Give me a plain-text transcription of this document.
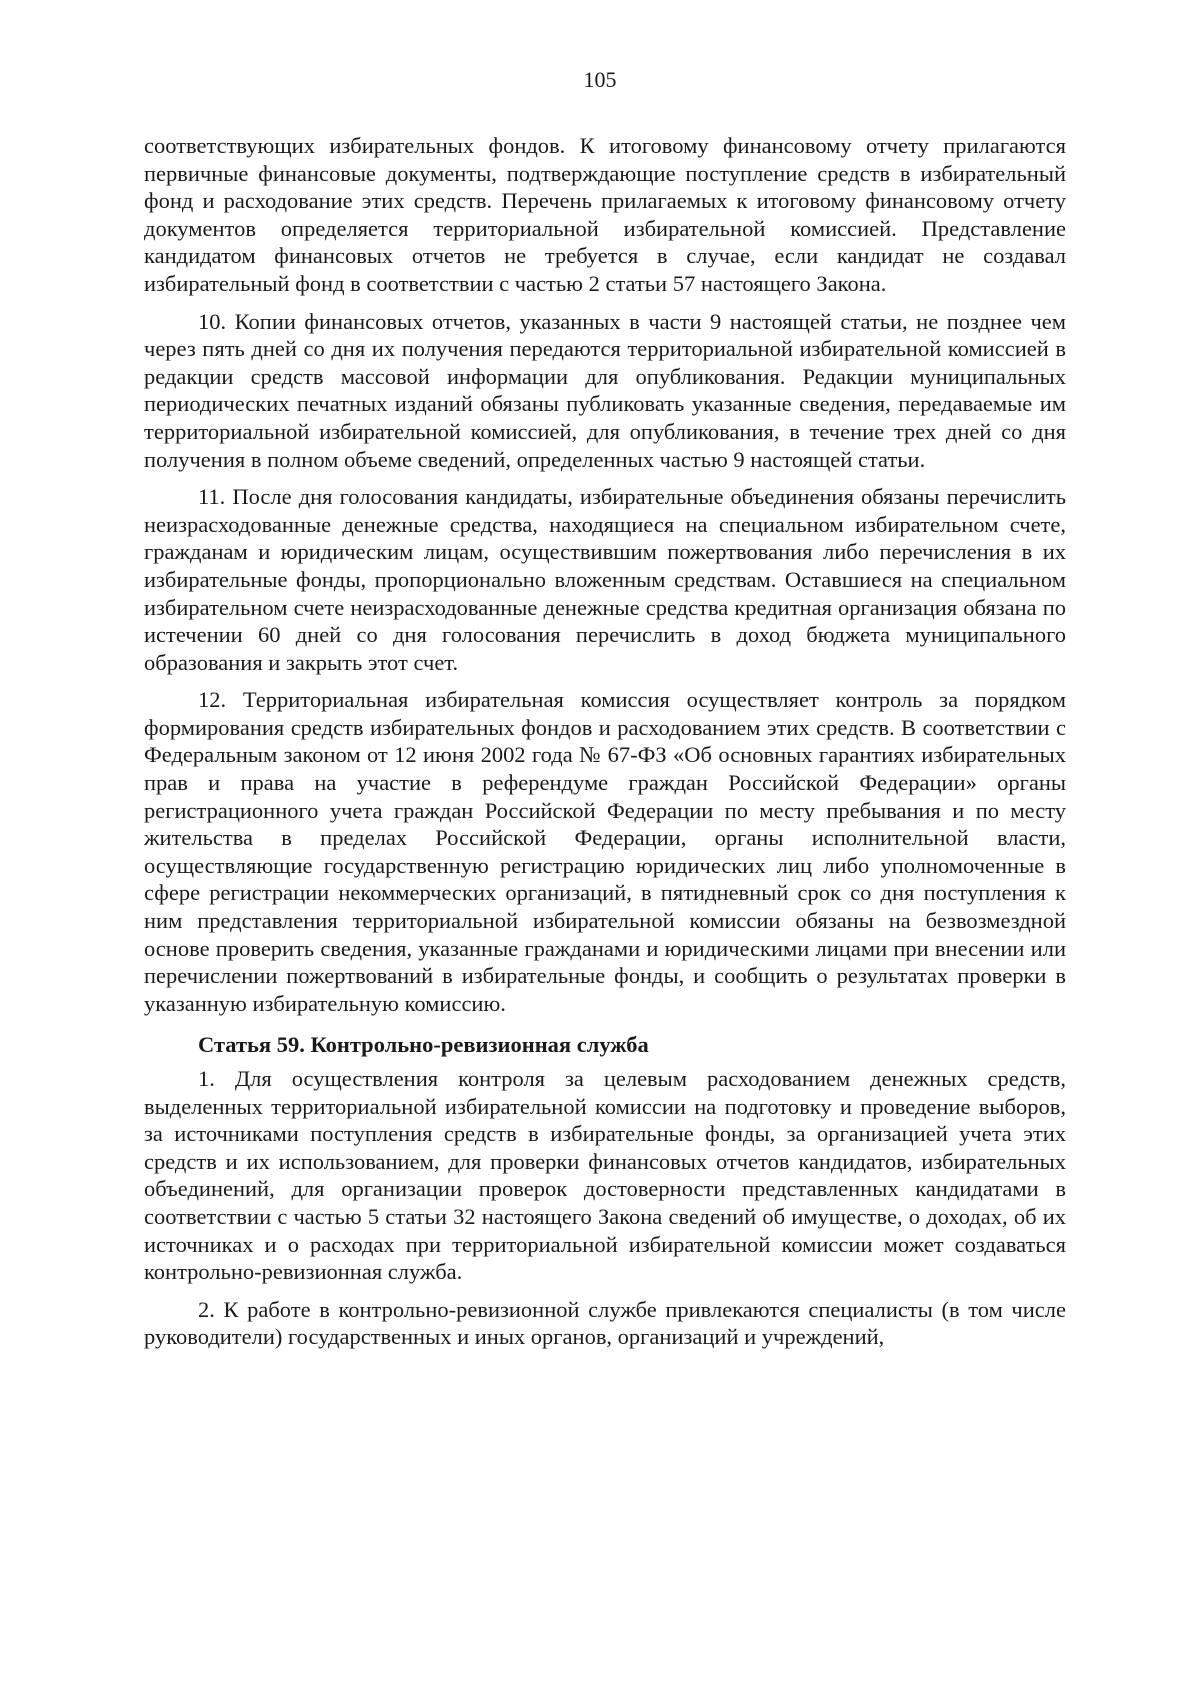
105

соответствующих избирательных фондов. К итоговому финансовому отчету прилагаются первичные финансовые документы, подтверждающие поступление средств в избирательный фонд и расходование этих средств. Перечень прилагаемых к итоговому финансовому отчету документов определяется территориальной избирательной комиссией. Представление кандидатом финансовых отчетов не требуется в случае, если кандидат не создавал избирательный фонд в соответствии с частью 2 статьи 57 настоящего Закона.

10. Копии финансовых отчетов, указанных в части 9 настоящей статьи, не позднее чем через пять дней со дня их получения передаются территориальной избирательной комиссией в редакции средств массовой информации для опубликования. Редакции муниципальных периодических печатных изданий обязаны публиковать указанные сведения, передаваемые им территориальной избирательной комиссией, для опубликования, в течение трех дней со дня получения в полном объеме сведений, определенных частью 9 настоящей статьи.

11. После дня голосования кандидаты, избирательные объединения обязаны перечислить неизрасходованные денежные средства, находящиеся на специальном избирательном счете, гражданам и юридическим лицам, осуществившим пожертвования либо перечисления в их избирательные фонды, пропорционально вложенным средствам. Оставшиеся на специальном избирательном счете неизрасходованные денежные средства кредитная организация обязана по истечении 60 дней со дня голосования перечислить в доход бюджета муниципального образования и закрыть этот счет.

12. Территориальная избирательная комиссия осуществляет контроль за порядком формирования средств избирательных фондов и расходованием этих средств. В соответствии с Федеральным законом от 12 июня 2002 года № 67-ФЗ «Об основных гарантиях избирательных прав и права на участие в референдуме граждан Российской Федерации» органы регистрационного учета граждан Российской Федерации по месту пребывания и по месту жительства в пределах Российской Федерации, органы исполнительной власти, осуществляющие государственную регистрацию юридических лиц либо уполномоченные в сфере регистрации некоммерческих организаций, в пятидневный срок со дня поступления к ним представления территориальной избирательной комиссии обязаны на безвозмездной основе проверить сведения, указанные гражданами и юридическими лицами при внесении или перечислении пожертвований в избирательные фонды, и сообщить о результатах проверки в указанную избирательную комиссию.

Статья 59. Контрольно-ревизионная служба

1. Для осуществления контроля за целевым расходованием денежных средств, выделенных территориальной избирательной комиссии на подготовку и проведение выборов, за источниками поступления средств в избирательные фонды, за организацией учета этих средств и их использованием, для проверки финансовых отчетов кандидатов, избирательных объединений, для организации проверок достоверности представленных кандидатами в соответствии с частью 5 статьи 32 настоящего Закона сведений об имуществе, о доходах, об их источниках и о расходах при территориальной избирательной комиссии может создаваться контрольно-ревизионная служба.

2. К работе в контрольно-ревизионной службе привлекаются специалисты (в том числе руководители) государственных и иных органов, организаций и учреждений,
